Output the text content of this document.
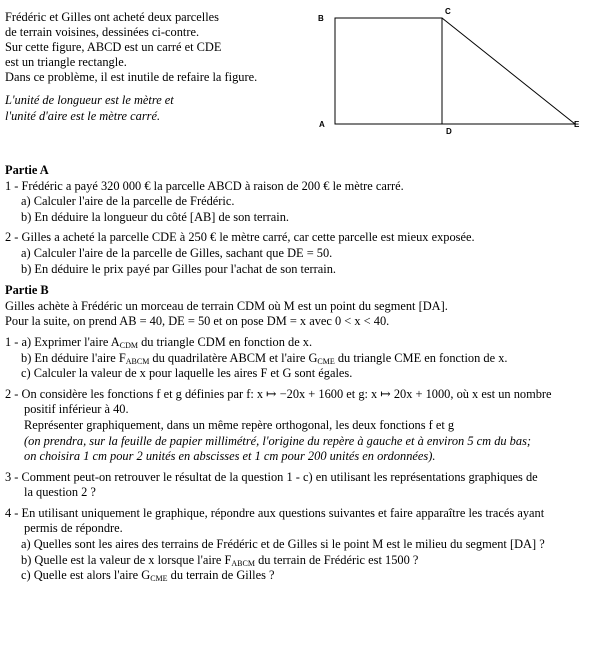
Frédéric et Gilles ont acheté deux parcelles
de terrain voisines, dessinées ci-contre.
Sur cette figure, ABCD est un carré et CDE
est un triangle rectangle.
Dans ce problème, il est inutile de refaire la figure.
L'unité de longueur est le mètre et
l'unité d'aire est le mètre carré.
B
C
A
D
E
Partie A
1 - Frédéric a payé 320 000 € la parcelle ABCD à raison de 200 € le mètre carré.
a) Calculer l'aire de la parcelle de Frédéric.
b) En déduire la longueur du côté [AB] de son terrain.
2 - Gilles a acheté la parcelle CDE à 250 € le mètre carré, car cette parcelle est mieux exposée.
a) Calculer l'aire de la parcelle de Gilles, sachant que DE = 50.
b) En déduire le prix payé par Gilles pour l'achat de son terrain.
Partie B
Gilles achète à Frédéric un morceau de terrain CDM où M est un point du segment [DA].
Pour la suite, on prend AB = 40, DE = 50 et on pose DM = x avec 0 < x < 40.
1 - a) Exprimer l'aire $A_{CDM}$ du triangle CDM en fonction de x.
b) En déduire l'aire $F_{ABCM}$ du quadrilatère ABCM et l'aire $G_{CME}$ du triangle CME en fonction de x.
c) Calculer la valeur de x pour laquelle les aires F et G sont égales.
2 - On considère les fonctions f et g définies par f: x ↦ −20x + 1600 et g: x ↦ 20x + 1000, où x est un nombre
positif inférieur à 40.
Représenter graphiquement, dans un même repère orthogonal, les deux fonctions f et g
(on prendra, sur la feuille de papier millimétré, l'origine du repère à gauche et à environ 5 cm du bas;
on choisira 1 cm pour 2 unités en abscisses et 1 cm pour 200 unités en ordonnées).
3 - Comment peut-on retrouver le résultat de la question 1 - c) en utilisant les représentations graphiques de
la question 2 ?
4 - En utilisant uniquement le graphique, répondre aux questions suivantes et faire apparaître les tracés ayant
permis de répondre.
a) Quelles sont les aires des terrains de Frédéric et de Gilles si le point M est le milieu du segment [DA] ?
b) Quelle est la valeur de x lorsque l'aire $F_{ABCM}$ du terrain de Frédéric est 1500 ?
c) Quelle est alors l'aire $G_{CME}$ du terrain de Gilles ?
